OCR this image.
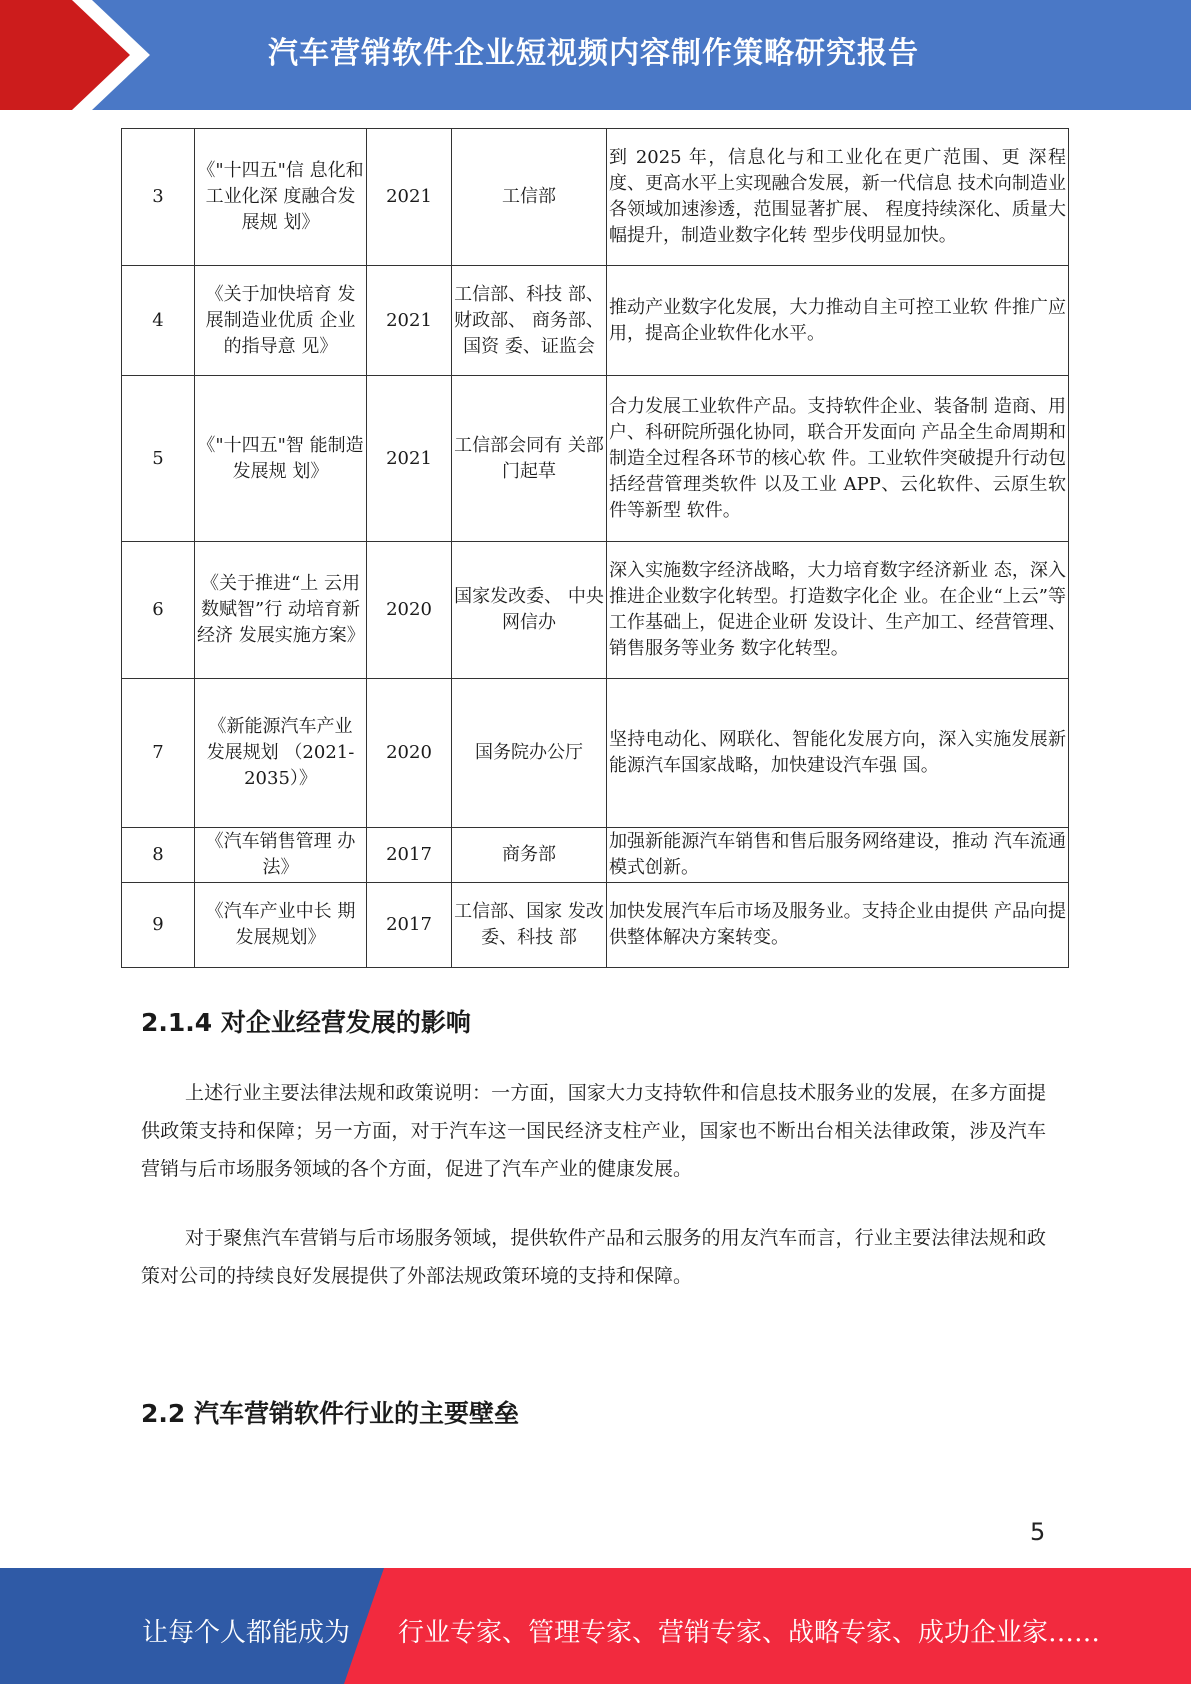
汽车营销软件企业短视频内容制作策略研究报告
3	《"十四五"信 息化和工业化深 度融合发展规 划》	2021	工信部	到 2025 年，信息化与和工业化在更广范围、更 深程度、更高水平上实现融合发展，新一代信息 技术向制造业各领域加速渗透，范围显著扩展、 程度持续深化、质量大幅提升，制造业数字化转 型步伐明显加快。
4	《关于加快培育 发展制造业优质 企业的指导意 见》	2021	工信部、科技 部、财政部、 商务部、国资 委、证监会	推动产业数字化发展，大力推动自主可控工业软 件推广应用，提高企业软件化水平。
5	《"十四五"智 能制造发展规 划》	2021	工信部会同有 关部门起草	合力发展工业软件产品。支持软件企业、装备制 造商、用户、科研院所强化协同，联合开发面向 产品全生命周期和制造全过程各环节的核心软 件。工业软件突破提升行动包括经营管理类软件 以及工业 APP、云化软件、云原生软件等新型 软件。
6	《关于推进“上 云用数赋智”行 动培育新经济 发展实施方案》	2020	国家发改委、 中央网信办	深入实施数字经济战略，大力培育数字经济新业 态，深入推进企业数字化转型。打造数字化企 业。在企业“上云”等工作基础上，促进企业研 发设计、生产加工、经营管理、销售服务等业务 数字化转型。
7	《新能源汽车产业 发展规划 （2021-2035）》	2020	国务院办公厅	坚持电动化、网联化、智能化发展方向，深入实施发展新能源汽车国家战略，加快建设汽车强 国。
8	《汽车销售管理 办法》	2017	商务部	加强新能源汽车销售和售后服务网络建设，推动 汽车流通模式创新。
9	《汽车产业中长 期发展规划》	2017	工信部、国家 发改委、科技 部	加快发展汽车后市场及服务业。支持企业由提供 产品向提供整体解决方案转变。
2.1.4 对企业经营发展的影响
上述行业主要法律法规和政策说明：一方面，国家大力支持软件和信息技术服务业的发展，在多方面提供政策支持和保障；另一方面，对于汽车这一国民经济支柱产业，国家也不断出台相关法律政策，涉及汽车营销与后市场服务领域的各个方面，促进了汽车产业的健康发展。
对于聚焦汽车营销与后市场服务领域，提供软件产品和云服务的用友汽车而言，行业主要法律法规和政策对公司的持续良好发展提供了外部法规政策环境的支持和保障。
2.2 汽车营销软件行业的主要壁垒
5
让每个人都能成为 行业专家、管理专家、营销专家、战略专家、成功企业家……
